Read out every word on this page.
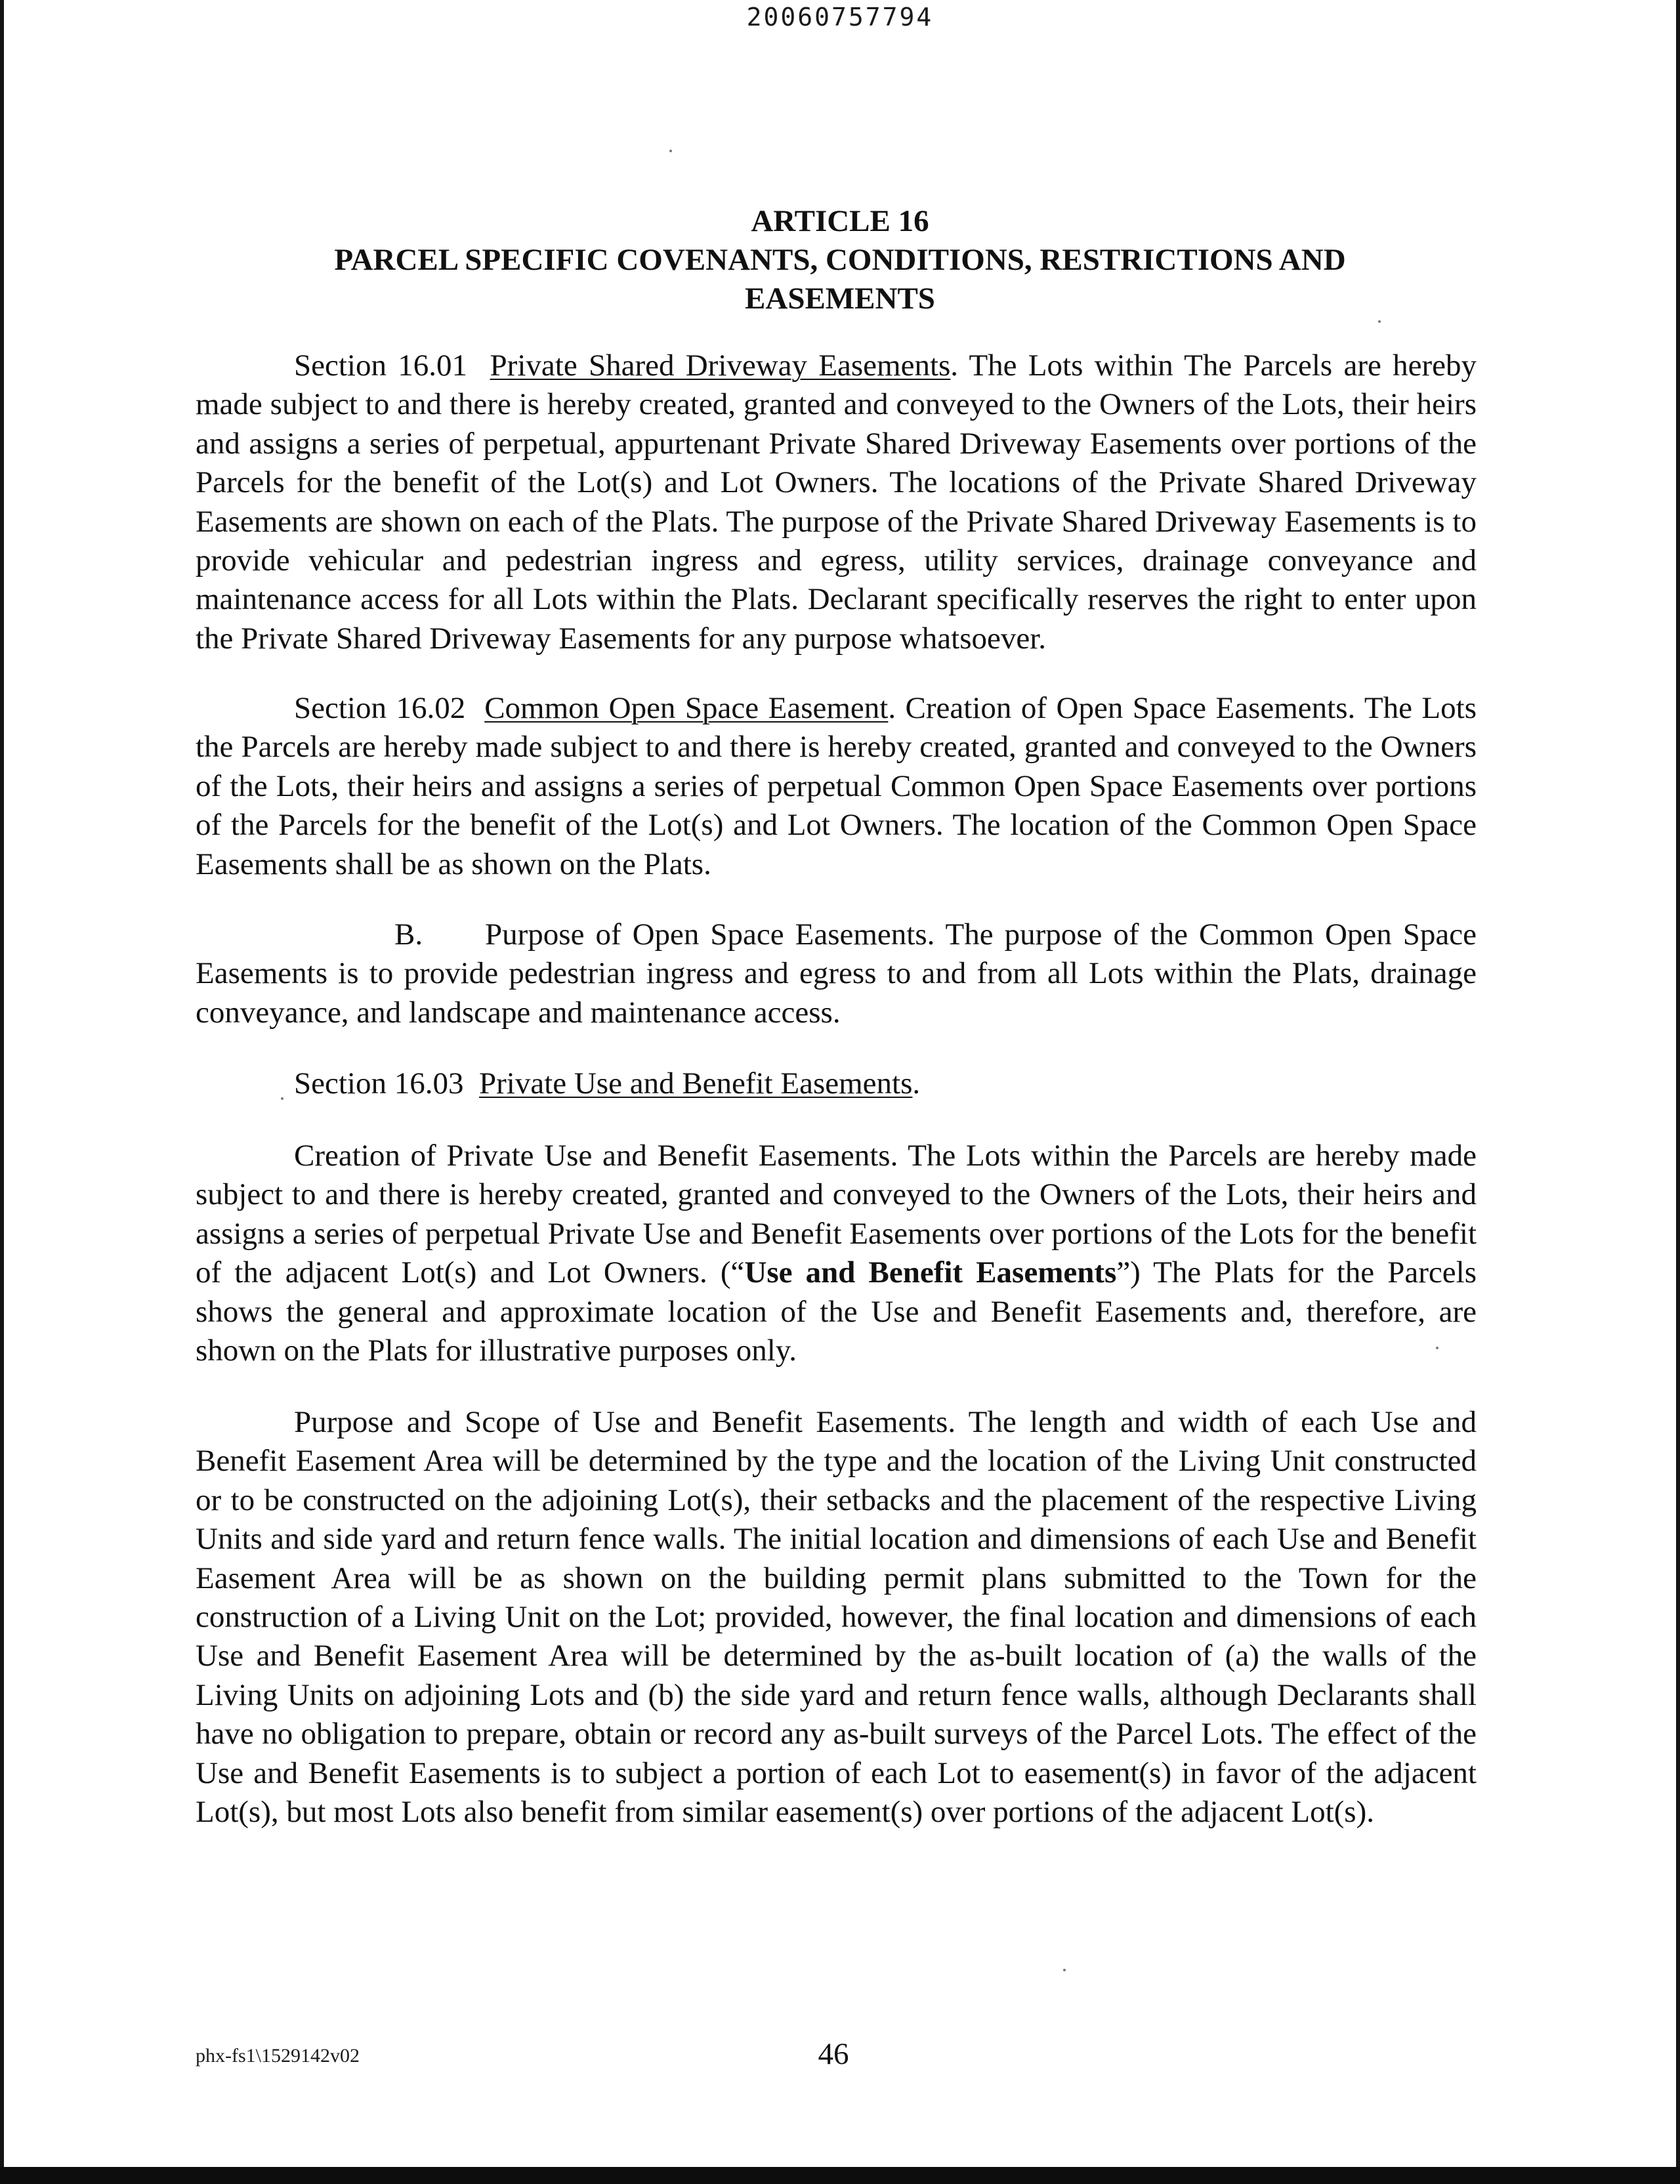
20060757794
ARTICLE 16
PARCEL SPECIFIC COVENANTS, CONDITIONS, RESTRICTIONS AND
EASEMENTS

Section 16.01 Private Shared Driveway Easements. The Lots within The Parcels are hereby made subject to and there is hereby created, granted and conveyed to the Owners of the Lots, their heirs and assigns a series of perpetual, appurtenant Private Shared Driveway Easements over portions of the Parcels for the benefit of the Lot(s) and Lot Owners. The locations of the Private Shared Driveway Easements are shown on each of the Plats. The purpose of the Private Shared Driveway Easements is to provide vehicular and pedestrian ingress and egress, utility services, drainage conveyance and maintenance access for all Lots within the Plats. Declarant specifically reserves the right to enter upon the Private Shared Driveway Easements for any purpose whatsoever.

Section 16.02 Common Open Space Easement. Creation of Open Space Easements. The Lots the Parcels are hereby made subject to and there is hereby created, granted and conveyed to the Owners of the Lots, their heirs and assigns a series of perpetual Common Open Space Easements over portions of the Parcels for the benefit of the Lot(s) and Lot Owners. The location of the Common Open Space Easements shall be as shown on the Plats.

B. Purpose of Open Space Easements. The purpose of the Common Open Space Easements is to provide pedestrian ingress and egress to and from all Lots within the Plats, drainage conveyance, and landscape and maintenance access.

Section 16.03 Private Use and Benefit Easements.

Creation of Private Use and Benefit Easements. The Lots within the Parcels are hereby made subject to and there is hereby created, granted and conveyed to the Owners of the Lots, their heirs and assigns a series of perpetual Private Use and Benefit Easements over portions of the Lots for the benefit of the adjacent Lot(s) and Lot Owners. (“Use and Benefit Easements”) The Plats for the Parcels shows the general and approximate location of the Use and Benefit Easements and, therefore, are shown on the Plats for illustrative purposes only.

Purpose and Scope of Use and Benefit Easements. The length and width of each Use and Benefit Easement Area will be determined by the type and the location of the Living Unit constructed or to be constructed on the adjoining Lot(s), their setbacks and the placement of the respective Living Units and side yard and return fence walls. The initial location and dimensions of each Use and Benefit Easement Area will be as shown on the building permit plans submitted to the Town for the construction of a Living Unit on the Lot; provided, however, the final location and dimensions of each Use and Benefit Easement Area will be determined by the as-built location of (a) the walls of the Living Units on adjoining Lots and (b) the side yard and return fence walls, although Declarants shall have no obligation to prepare, obtain or record any as-built surveys of the Parcel Lots. The effect of the Use and Benefit Easements is to subject a portion of each Lot to easement(s) in favor of the adjacent Lot(s), but most Lots also benefit from similar easement(s) over portions of the adjacent Lot(s).

phx-fs1\1529142v02	46
